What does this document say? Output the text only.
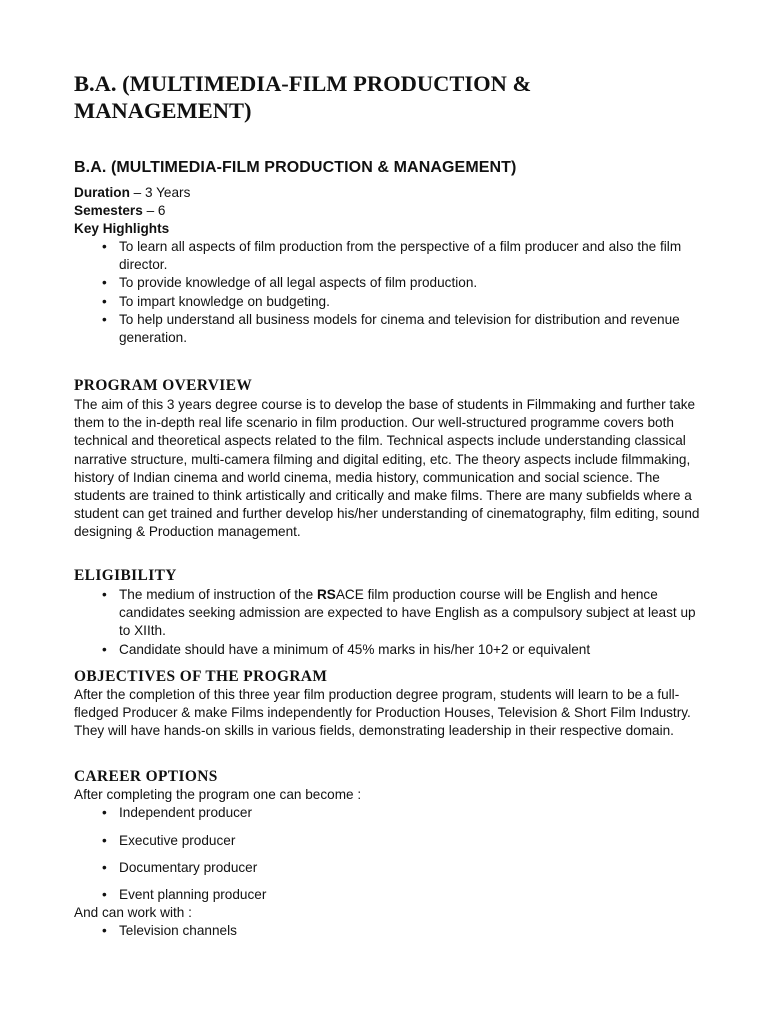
B.A. (MULTIMEDIA-FILM PRODUCTION & MANAGEMENT)
B.A. (MULTIMEDIA-FILM PRODUCTION & MANAGEMENT)

Duration – 3 Years

Semesters – 6

Key Highlights

• To learn all aspects of film production from the perspective of a film producer and also the film director.
• To provide knowledge of all legal aspects of film production.
• To impart knowledge on budgeting.
• To help understand all business models for cinema and television for distribution and revenue generation.
PROGRAM OVERVIEW

The aim of this 3 years degree course is to develop the base of students in Filmmaking and further take them to the in-depth real life scenario in film production. Our well-structured programme covers both technical and theoretical aspects related to the film. Technical aspects include understanding classical narrative structure, multi-camera filming and digital editing, etc. The theory aspects include filmmaking, history of Indian cinema and world cinema, media history, communication and social science. The students are trained to think artistically and critically and make films. There are many subfields where a student can get trained and further develop his/her understanding of cinematography, film editing, sound designing & Production management.

ELIGIBILITY
• The medium of instruction of the RSACE film production course will be English and hence candidates seeking admission are expected to have English as a compulsory subject at least up to XIIth.
• Candidate should have a minimum of 45% marks in his/her 10+2 or equivalent
OBJECTIVES OF THE PROGRAM

After the completion of this three year film production degree program, students will learn to be a full-fledged Producer & make Films independently for Production Houses, Television & Short Film Industry. They will have hands-on skills in various fields, demonstrating leadership in their respective domain.

CAREER OPTIONS

After completing the program one can become :

• Independent producer
• Executive producer
• Documentary producer
• Event planning producer

And can work with :

• Television channels
